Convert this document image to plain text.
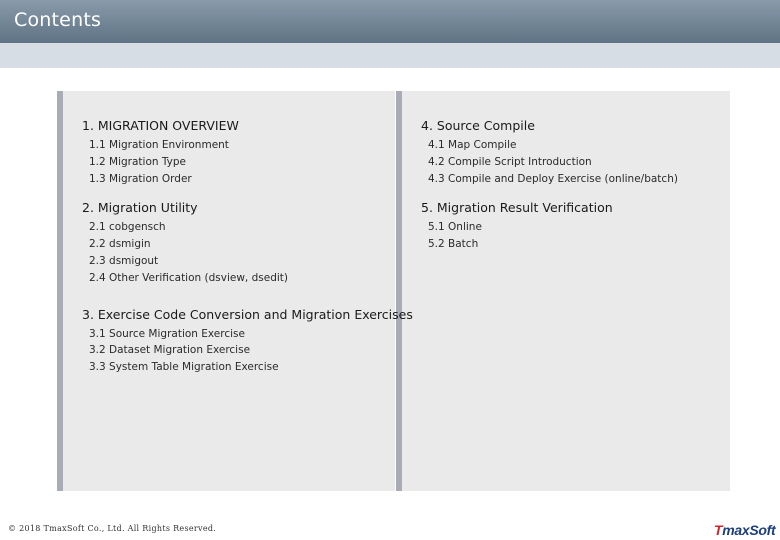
Contents
1. MIGRATION OVERVIEW
1.1 Migration Environment
1.2 Migration Type
1.3 Migration Order
2. Migration Utility
2.1 cobgensch
2.2 dsmigin
2.3 dsmigout
2.4 Other Verification (dsview, dsedit)
3. Exercise Code Conversion and Migration Exercises
3.1 Source Migration Exercise
3.2 Dataset Migration Exercise
3.3 System Table Migration Exercise
4. Source Compile
4.1 Map Compile
4.2 Compile Script Introduction
4.3 Compile and Deploy Exercise (online/batch)
5. Migration Result Verification
5.1 Online
5.2 Batch
© 2018 TmaxSoft Co., Ltd. All Rights Reserved.	TmaxSoft
